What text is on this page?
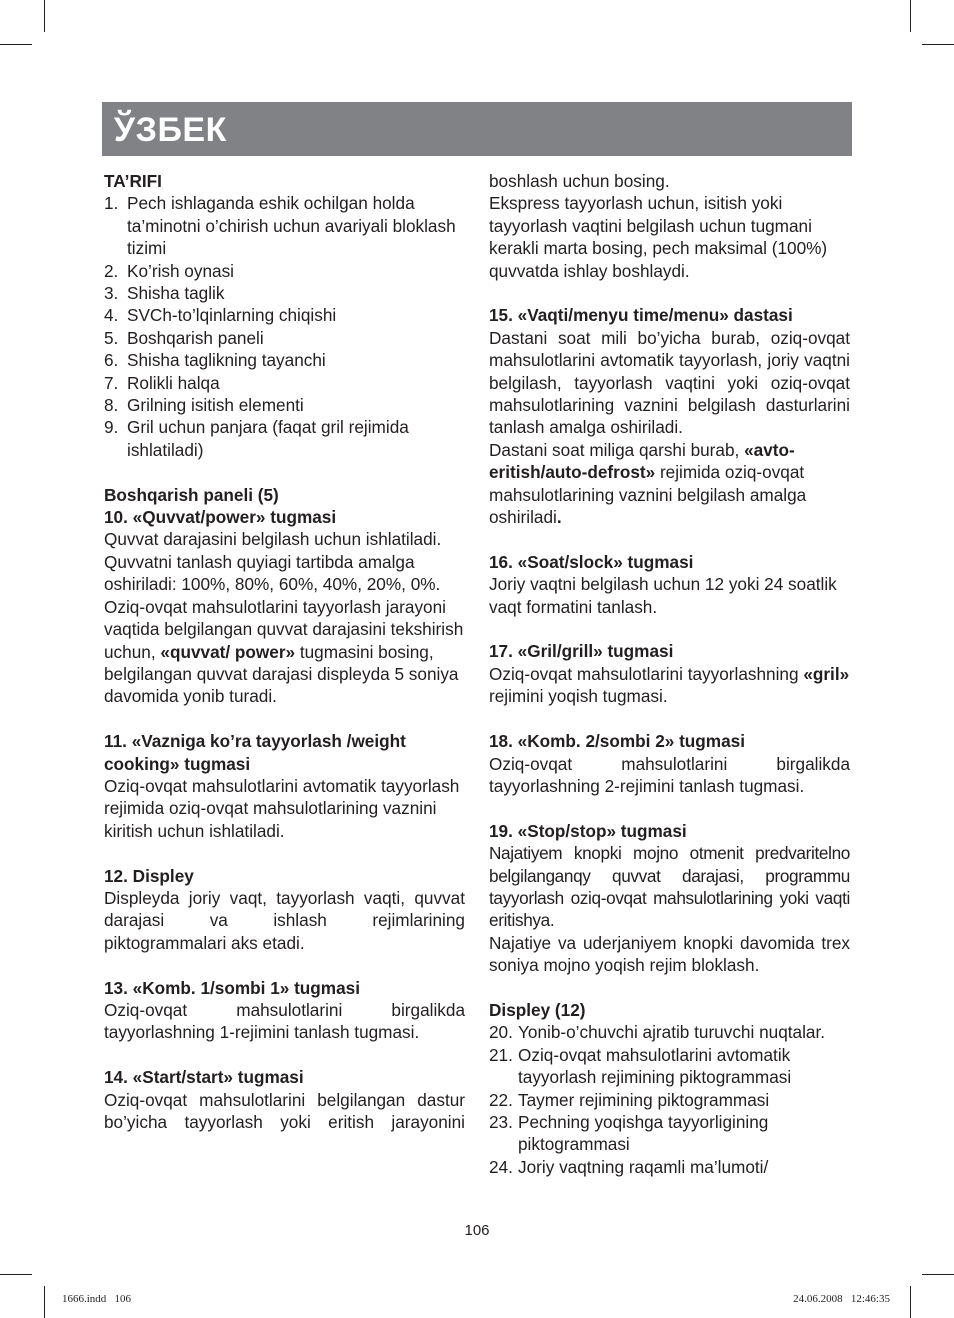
ЎЗБЕК

TA’RIFI

1. Pech ishlaganda eshik ochilgan holda ta’minotni o’chirish uchun avariyali bloklash tizimi
2. Ko’rish oynasi
3. Shisha taglik
4. SVCh-to’lqinlarning chiqishi
5. Boshqarish paneli
6. Shisha taglikning tayanchi
7. Rolikli halqa
8. Grilning isitish elementi
9. Gril uchun panjara (faqat gril rejimida ishlatiladi)

Boshqarish paneli (5)

10. «Quvvat/power» tugmasi

Quvvat darajasini belgilash uchun ishlatiladi. Quvvatni tanlash quyiagi tartibda amalga oshiriladi: 100%, 80%, 60%, 40%, 20%, 0%.

Oziq-ovqat mahsulotlarini tayyorlash jarayoni vaqtida belgilangan quvvat darajasini tekshirish uchun, «quvvat/ power» tugmasini bosing, belgilangan quvvat darajasi displeyda 5 soniya davomida yonib turadi.

11. «Vazniga ko’ra tayyorlash /weight cooking» tugmasi

Oziq-ovqat mahsulotlarini avtomatik tayyorlash rejimida oziq-ovqat mahsulotlarining vaznini kiritish uchun ishlatiladi.

12. Displey

Displeyda joriy vaqt, tayyorlash vaqti, quvvat darajasi va ishlash rejimlarining piktogrammalari aks etadi.

13. «Komb. 1/sombi 1» tugmasi

Oziq-ovqat mahsulotlarini birgalikda tayyorlashning 1-rejimini tanlash tugmasi.

14. «Start/start» tugmasi

Oziq-ovqat mahsulotlarini belgilangan dastur bo’yicha tayyorlash yoki eritish jarayonini

boshlash uchun bosing.

Ekspress tayyorlash uchun, isitish yoki tayyorlash vaqtini belgilash uchun tugmani kerakli marta bosing, pech maksimal (100%) quvvatda ishlay boshlaydi.

15. «Vaqti/menyu time/menu» dastasi

Dastani soat mili bo’yicha burab, oziq-ovqat mahsulotlarini avtomatik tayyorlash, joriy vaqtni belgilash, tayyorlash vaqtini yoki oziq-ovqat mahsulotlarining vaznini belgilash dasturlarini tanlash amalga oshiriladi.

Dastani soat miliga qarshi burab, «avto-eritish/auto-defrost» rejimida oziq-ovqat mahsulotlarining vaznini belgilash amalga oshiriladi.

16. «Soat/slock» tugmasi

Joriy vaqtni belgilash uchun 12 yoki 24 soatlik vaqt formatini tanlash.

17. «Gril/grill» tugmasi

Oziq-ovqat mahsulotlarini tayyorlashning «gril» rejimini yoqish tugmasi.

18. «Komb. 2/sombi 2» tugmasi

Oziq-ovqat mahsulotlarini birgalikda tayyorlashning 2-rejimini tanlash tugmasi.

19. «Stop/stop» tugmasi

Najatiyem knopki mojno otmenit predvaritelno belgilanganqy quvvat darajasi, programmu tayyorlash oziq-ovqat mahsulotlarining yoki vaqti eritishya.

Najatiye va uderjaniyem knopki davomida trex soniya mojno yoqish rejim bloklash.

Displey (12)

20. Yonib-o’chuvchi ajratib turuvchi nuqtalar.
21. Oziq-ovqat mahsulotlarini avtomatik tayyorlash rejimining piktogrammasi
22. Taymer rejimining piktogrammasi
23. Pechning yoqishga tayyorligining piktogrammasi
24. Joriy vaqtning raqamli ma’lumoti/
106
1666.indd   106	24.06.2008   12:46:35
